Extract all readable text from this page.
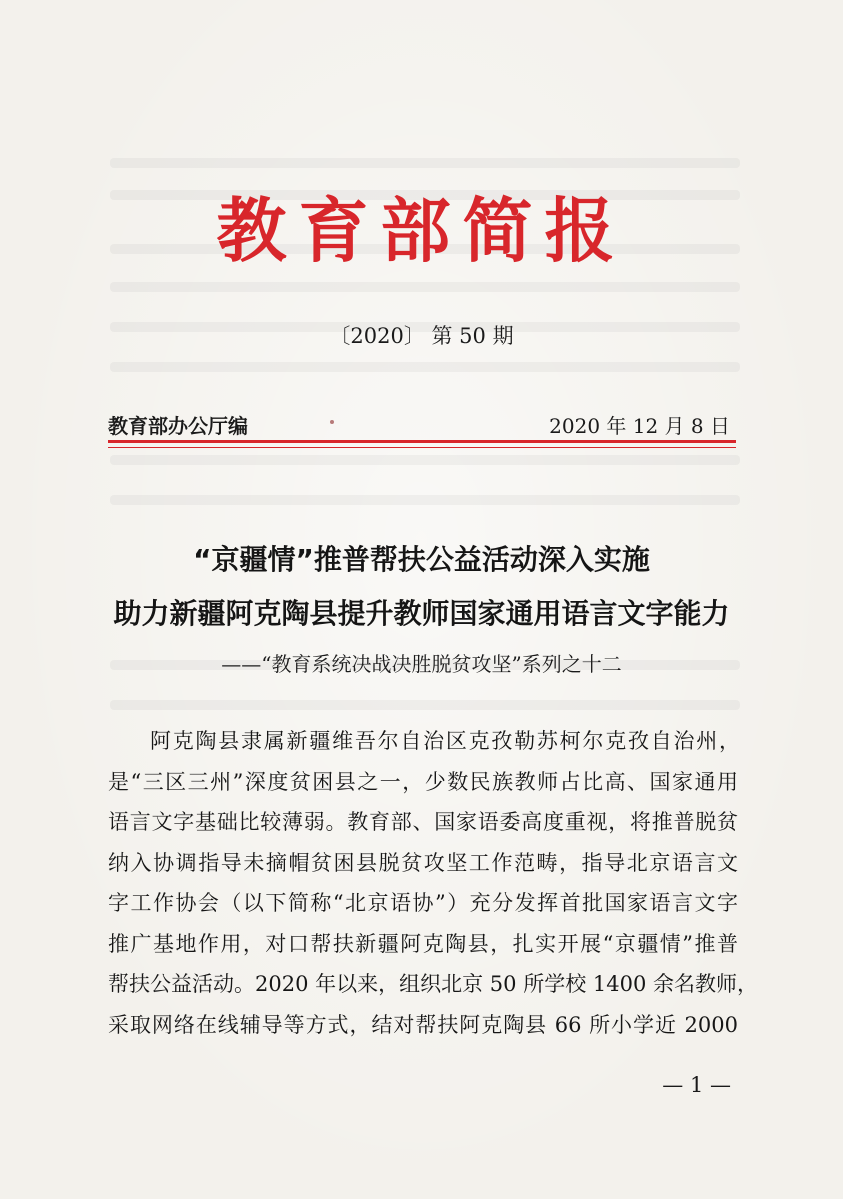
教育部简报
〔2020〕 第 50 期
教育部办公厅编	2020 年 12 月 8 日
“京疆情”推普帮扶公益活动深入实施
助力新疆阿克陶县提升教师国家通用语言文字能力
——“教育系统决战决胜脱贫攻坚”系列之十二
阿克陶县隶属新疆维吾尔自治区克孜勒苏柯尔克孜自治州，
是“三区三州”深度贫困县之一，少数民族教师占比高、国家通用
语言文字基础比较薄弱。教育部、国家语委高度重视，将推普脱贫
纳入协调指导未摘帽贫困县脱贫攻坚工作范畴，指导北京语言文
字工作协会（以下简称“北京语协”）充分发挥首批国家语言文字
推广基地作用，对口帮扶新疆阿克陶县，扎实开展“京疆情”推普
帮扶公益活动。2020 年以来，组织北京 50 所学校 1400 余名教师，
采取网络在线辅导等方式，结对帮扶阿克陶县 66 所小学近 2000
— 1 —
